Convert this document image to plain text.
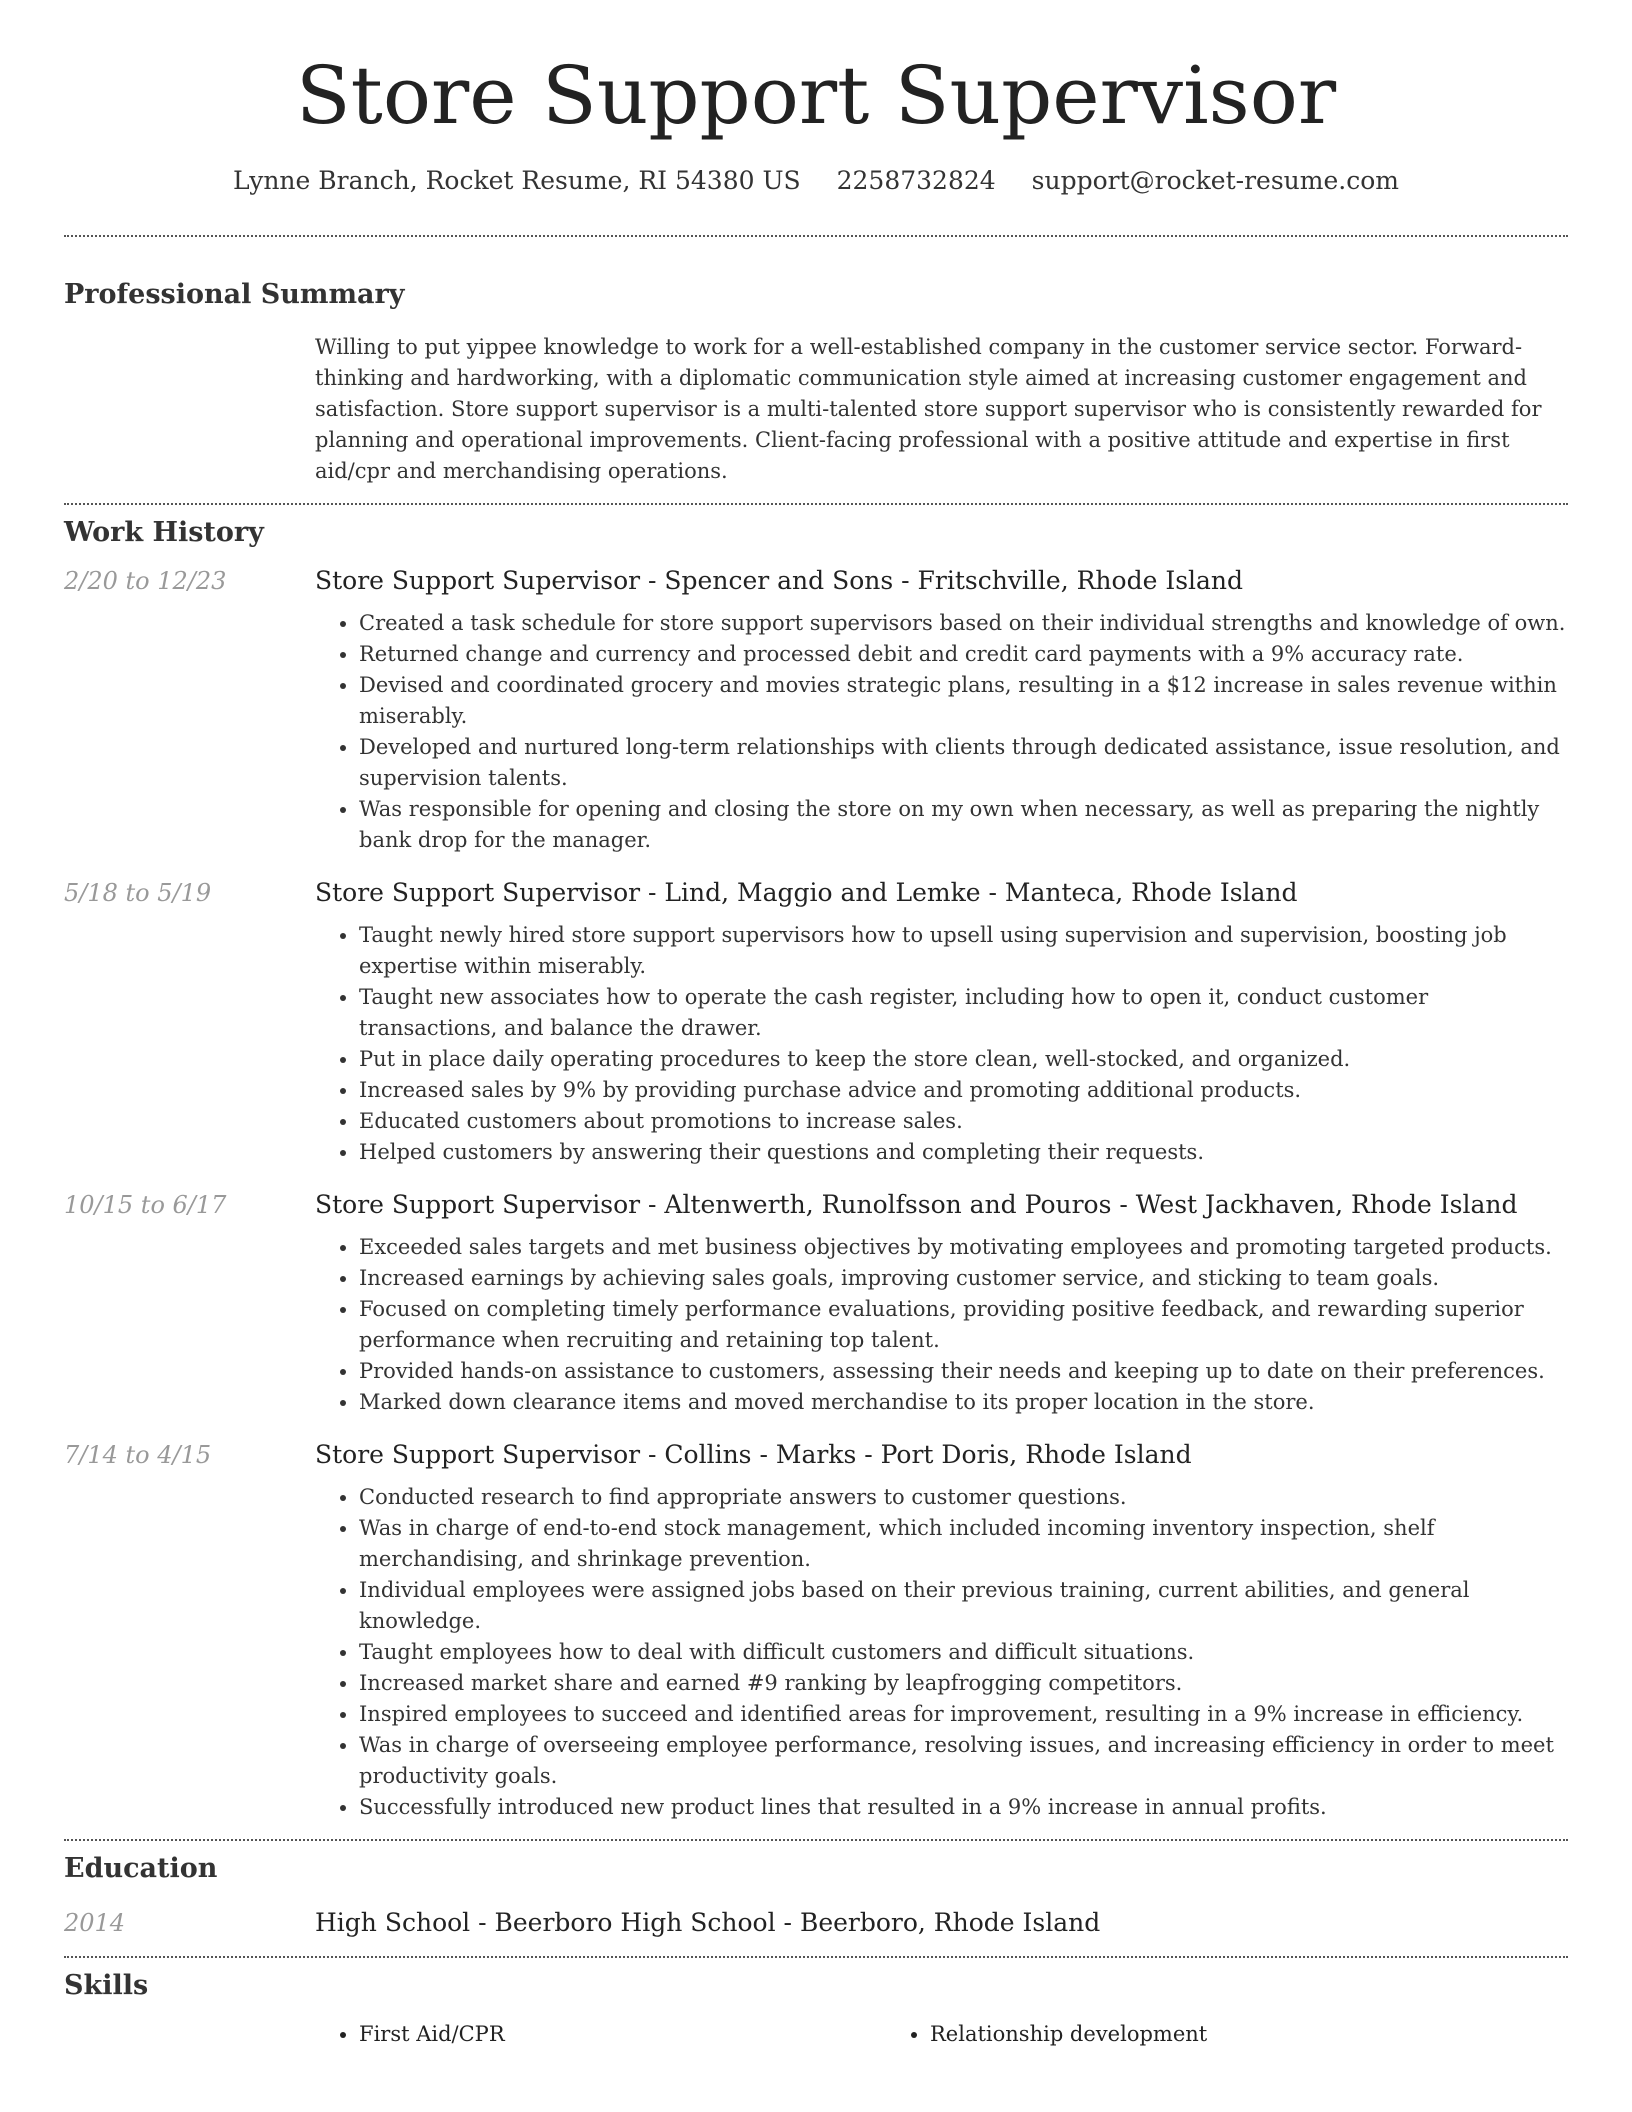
Store Support Supervisor
Lynne Branch, Rocket Resume, RI 54380 US 2258732824 support@rocket-resume.com
Professional Summary
Willing to put yippee knowledge to work for a well-established company in the customer service sector. Forward-thinking and hardworking, with a diplomatic communication style aimed at increasing customer engagement and satisfaction. Store support supervisor is a multi-talented store support supervisor who is consistently rewarded for planning and operational improvements. Client-facing professional with a positive attitude and expertise in first aid/cpr and merchandising operations.
Work History
2/20 to 12/23	Store Support Supervisor - Spencer and Sons - Fritschville, Rhode Island
• Created a task schedule for store support supervisors based on their individual strengths and knowledge of own.
• Returned change and currency and processed debit and credit card payments with a 9% accuracy rate.
• Devised and coordinated grocery and movies strategic plans, resulting in a $12 increase in sales revenue within miserably.
• Developed and nurtured long-term relationships with clients through dedicated assistance, issue resolution, and supervision talents.
• Was responsible for opening and closing the store on my own when necessary, as well as preparing the nightly bank drop for the manager.
5/18 to 5/19	Store Support Supervisor - Lind, Maggio and Lemke - Manteca, Rhode Island
• Taught newly hired store support supervisors how to upsell using supervision and supervision, boosting job expertise within miserably.
• Taught new associates how to operate the cash register, including how to open it, conduct customer transactions, and balance the drawer.
• Put in place daily operating procedures to keep the store clean, well-stocked, and organized.
• Increased sales by 9% by providing purchase advice and promoting additional products.
• Educated customers about promotions to increase sales.
• Helped customers by answering their questions and completing their requests.
10/15 to 6/17	Store Support Supervisor - Altenwerth, Runolfsson and Pouros - West Jackhaven, Rhode Island
• Exceeded sales targets and met business objectives by motivating employees and promoting targeted products.
• Increased earnings by achieving sales goals, improving customer service, and sticking to team goals.
• Focused on completing timely performance evaluations, providing positive feedback, and rewarding superior performance when recruiting and retaining top talent.
• Provided hands-on assistance to customers, assessing their needs and keeping up to date on their preferences.
• Marked down clearance items and moved merchandise to its proper location in the store.
7/14 to 4/15	Store Support Supervisor - Collins - Marks - Port Doris, Rhode Island
• Conducted research to find appropriate answers to customer questions.
• Was in charge of end-to-end stock management, which included incoming inventory inspection, shelf merchandising, and shrinkage prevention.
• Individual employees were assigned jobs based on their previous training, current abilities, and general knowledge.
• Taught employees how to deal with difficult customers and difficult situations.
• Increased market share and earned #9 ranking by leapfrogging competitors.
• Inspired employees to succeed and identified areas for improvement, resulting in a 9% increase in efficiency.
• Was in charge of overseeing employee performance, resolving issues, and increasing efficiency in order to meet productivity goals.
• Successfully introduced new product lines that resulted in a 9% increase in annual profits.
Education
2014	High School - Beerboro High School - Beerboro, Rhode Island
Skills
• First Aid/CPR
•	Relationship development
